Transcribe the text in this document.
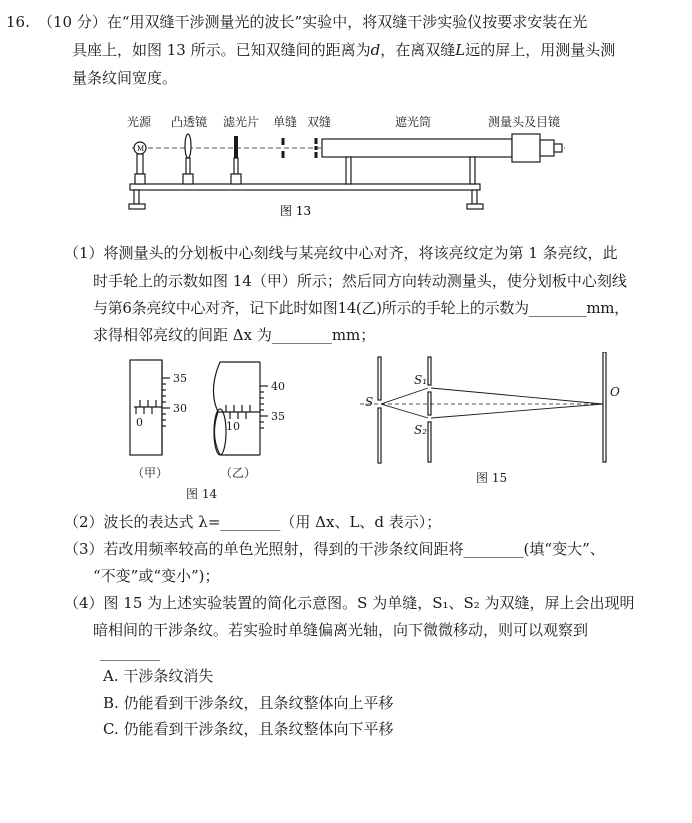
16. （10 分）在“用双缝干涉测量光的波长”实验中，将双缝干涉实验仪按要求安装在光
具座上，如图 13 所示。已知双缝间的距离为d，在离双缝L远的屏上，用测量头测
量条纹间宽度。
光源 凸透镜 滤光片 单缝 双缝	遮光筒	测量头及目镜
M
图 13
（1）将测量头的分划板中心刻线与某亮纹中心对齐，将该亮纹定为第 1 条亮纹，此
时手轮上的示数如图 14（甲）所示；然后同方向转动测量头，使分划板中心刻线
与第6条亮纹中心对齐，记下此时如图14(乙)所示的手轮上的示数为________mm，
求得相邻亮纹的间距 Δx 为________mm；
35
30
0
（甲）
40
35
10
（乙）
图 14
S
S₁
S₂
O
图 15
（2）波长的表达式 λ=________（用 Δx、L、d 表示）；
（3）若改用频率较高的单色光照射，得到的干涉条纹间距将________(填“变大”、
“不变”或“变小”)；
（4）图 15 为上述实验装置的简化示意图。S 为单缝，S₁、S₂ 为双缝，屏上会出现明
暗相间的干涉条纹。若实验时单缝偏离光轴，向下微微移动，则可以观察到
________
A. 干涉条纹消失
B. 仍能看到干涉条纹，且条纹整体向上平移
C. 仍能看到干涉条纹，且条纹整体向下平移
